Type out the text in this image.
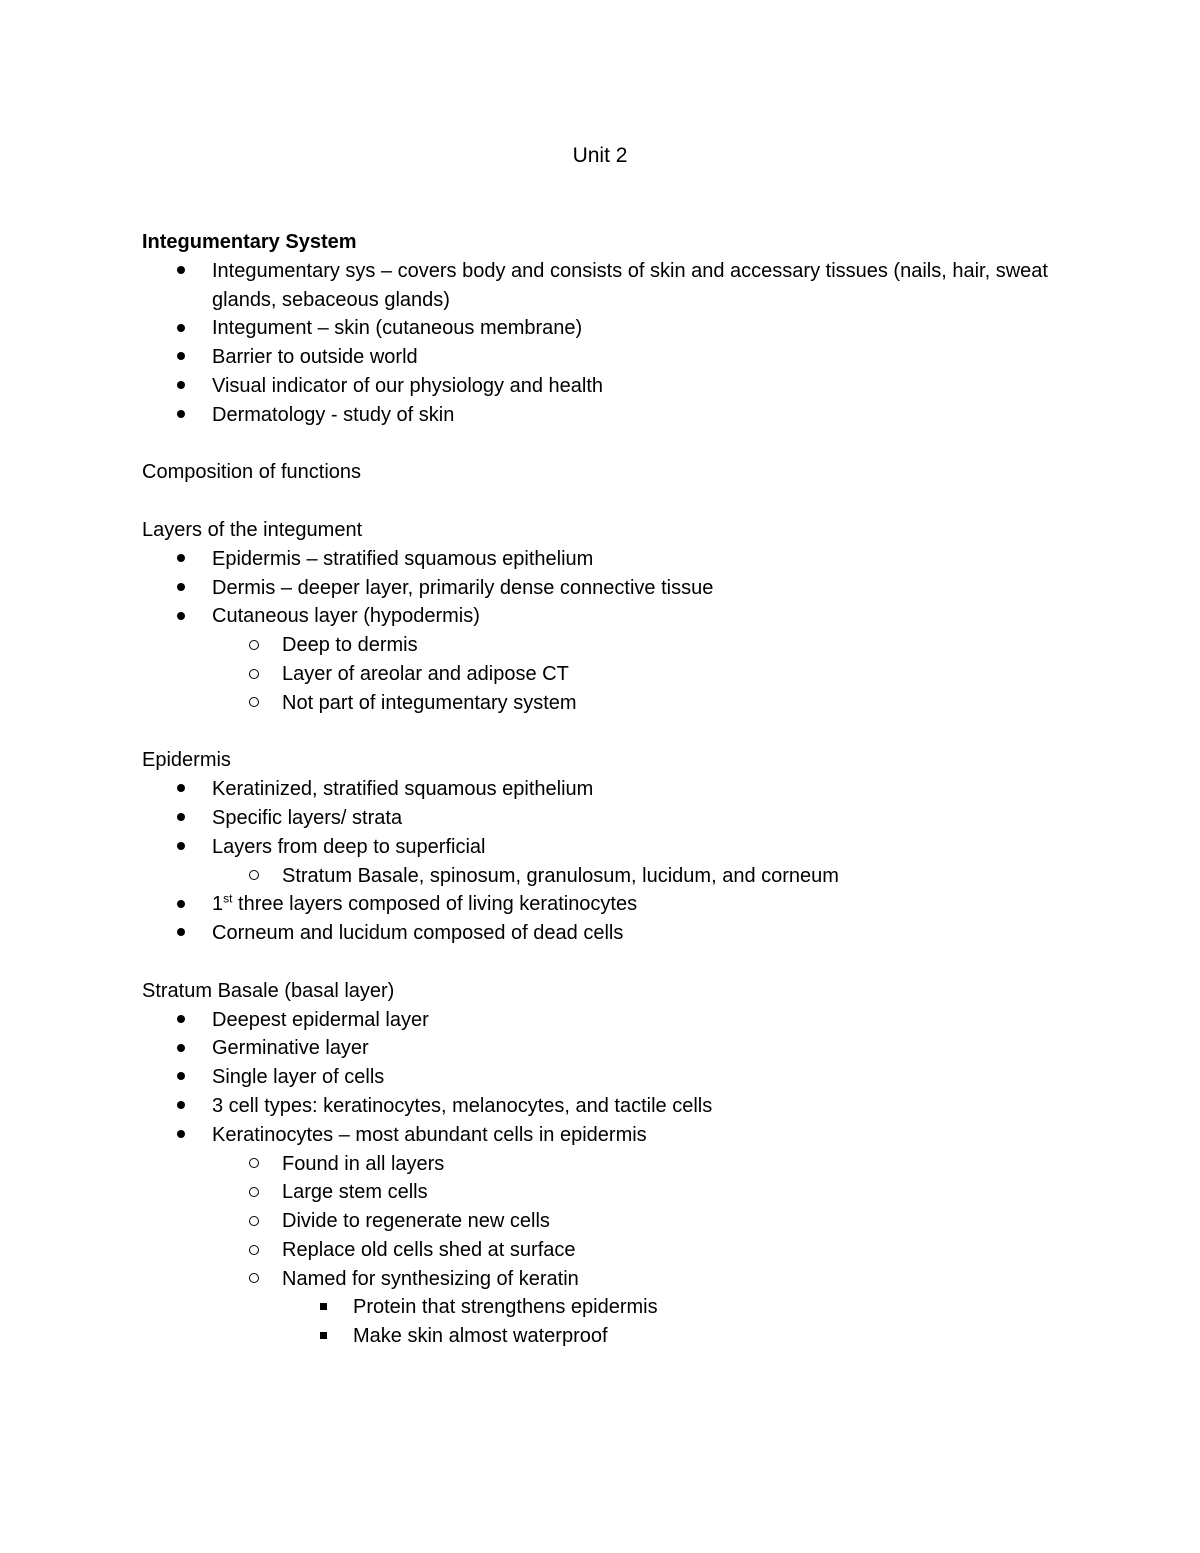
Unit 2

Integumentary System

Integumentary sys – covers body and consists of skin and accessary tissues (nails, hair, sweat glands, sebaceous glands)
Integument – skin (cutaneous membrane)
Barrier to outside world
Visual indicator of our physiology and health
Dermatology - study of skin

Composition of functions

Layers of the integument

Epidermis – stratified squamous epithelium
Dermis – deeper layer, primarily dense connective tissue
Cutaneous layer (hypodermis)
Deep to dermis
Layer of areolar and adipose CT
Not part of integumentary system

Epidermis

Keratinized, stratified squamous epithelium
Specific layers/ strata
Layers from deep to superficial
Stratum Basale, spinosum, granulosum, lucidum, and corneum
1st three layers composed of living keratinocytes
Corneum and lucidum composed of dead cells

Stratum Basale (basal layer)

Deepest epidermal layer
Germinative layer
Single layer of cells
3 cell types: keratinocytes, melanocytes, and tactile cells
Keratinocytes – most abundant cells in epidermis
Found in all layers
Large stem cells
Divide to regenerate new cells
Replace old cells shed at surface
Named for synthesizing of keratin
Protein that strengthens epidermis
Make skin almost waterproof
